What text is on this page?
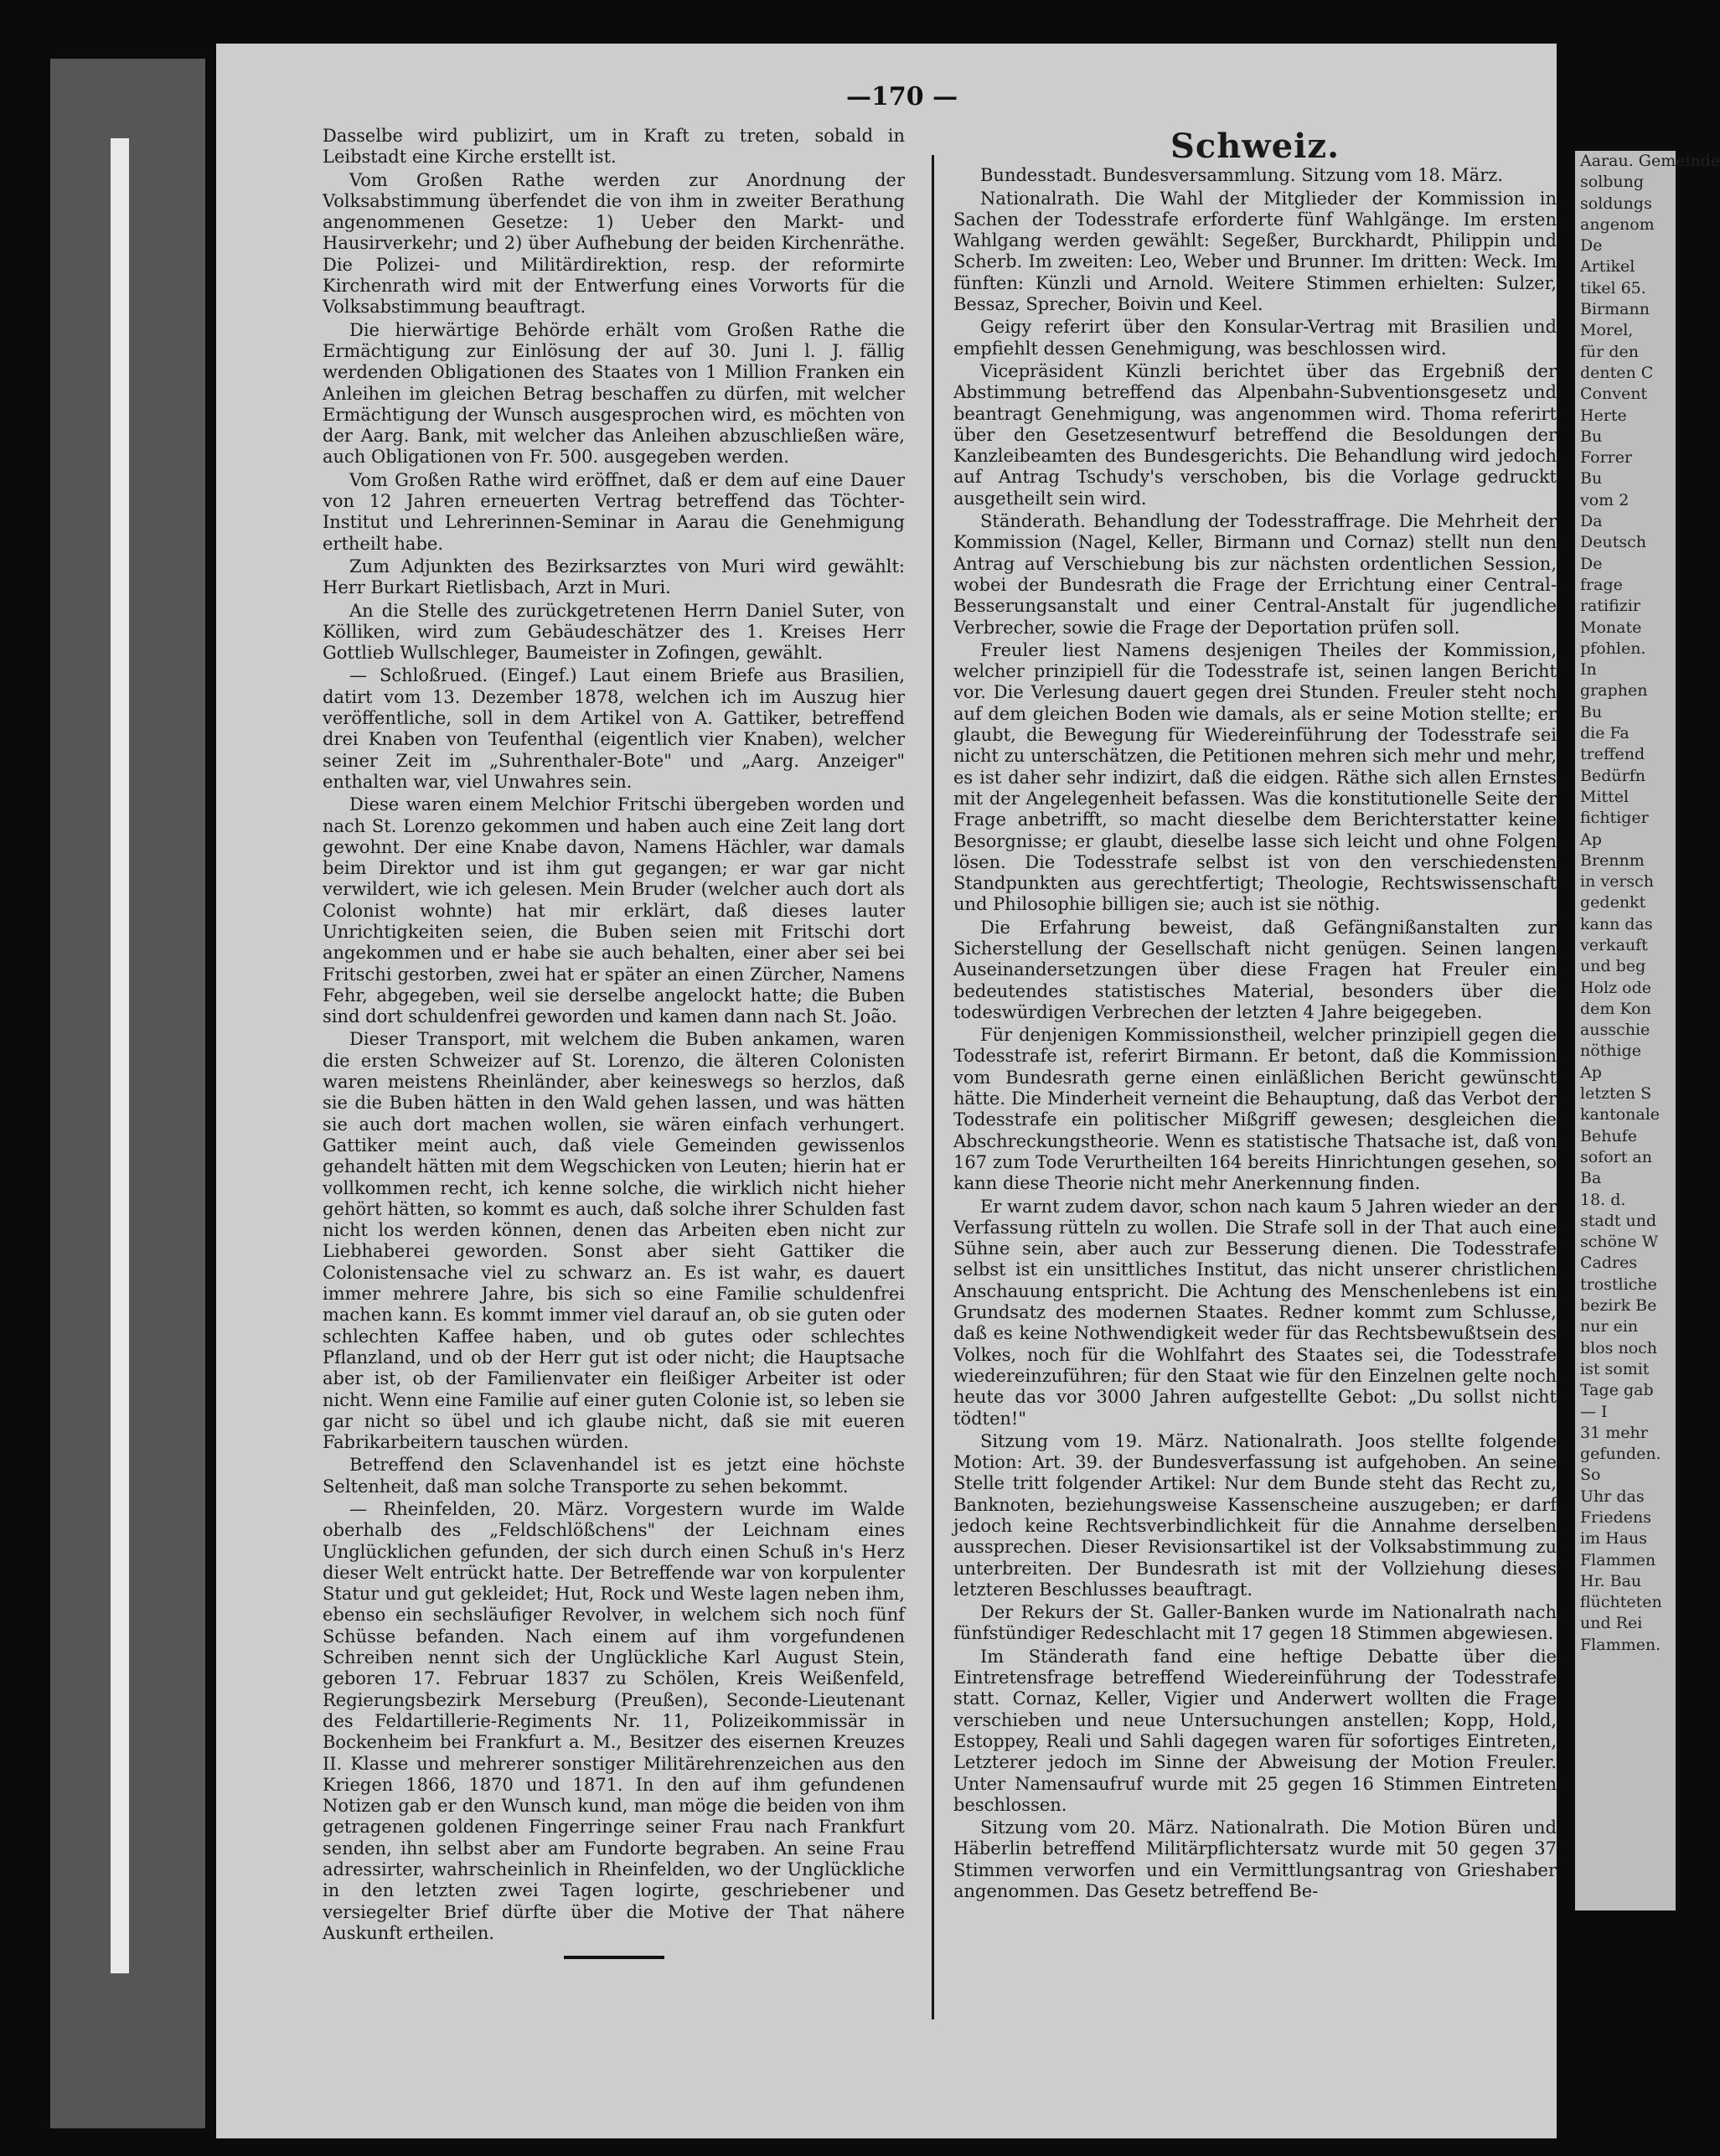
—170 —

Dasselbe wird publizirt, um in Kraft zu treten, sobald in Leibstadt eine Kirche erstellt ist.

Vom Großen Rathe werden zur Anordnung der Volksabstimmung überfendet die von ihm in zweiter Berathung angenommenen Gesetze: 1) Ueber den Markt- und Hausirverkehr; und 2) über Aufhebung der beiden Kirchenräthe. Die Polizei- und Militärdirektion, resp. der reformirte Kirchenrath wird mit der Entwerfung eines Vorworts für die Volksabstimmung beauftragt.

Die hierwärtige Behörde erhält vom Großen Rathe die Ermächtigung zur Einlösung der auf 30. Juni l. J. fällig werdenden Obligationen des Staates von 1 Million Franken ein Anleihen im gleichen Betrag beschaffen zu dürfen, mit welcher Ermächtigung der Wunsch ausgesprochen wird, es möchten von der Aarg. Bank, mit welcher das Anleihen abzuschließen wäre, auch Obligationen von Fr. 500. ausgegeben werden.

Vom Großen Rathe wird eröffnet, daß er dem auf eine Dauer von 12 Jahren erneuerten Vertrag betreffend das Töchter-Institut und Lehrerinnen-Seminar in Aarau die Genehmigung ertheilt habe.

Zum Adjunkten des Bezirksarztes von Muri wird gewählt: Herr Burkart Rietlisbach, Arzt in Muri.

An die Stelle des zurückgetretenen Herrn Daniel Suter, von Kölliken, wird zum Gebäudeschätzer des 1. Kreises Herr Gottlieb Wullschleger, Baumeister in Zofingen, gewählt.

— Schloßrued. (Eingef.) Laut einem Briefe aus Brasilien, datirt vom 13. Dezember 1878, welchen ich im Auszug hier veröffentliche, soll in dem Artikel von A. Gattiker, betreffend drei Knaben von Teufenthal (eigentlich vier Knaben), welcher seiner Zeit im „Suhrenthaler-Bote" und „Aarg. Anzeiger" enthalten war, viel Unwahres sein.

Diese waren einem Melchior Fritschi übergeben worden und nach St. Lorenzo gekommen und haben auch eine Zeit lang dort gewohnt. Der eine Knabe davon, Namens Hächler, war damals beim Direktor und ist ihm gut gegangen; er war gar nicht verwildert, wie ich gelesen. Mein Bruder (welcher auch dort als Colonist wohnte) hat mir erklärt, daß dieses lauter Unrichtigkeiten seien, die Buben seien mit Fritschi dort angekommen und er habe sie auch behalten, einer aber sei bei Fritschi gestorben, zwei hat er später an einen Zürcher, Namens Fehr, abgegeben, weil sie derselbe angelockt hatte; die Buben sind dort schuldenfrei geworden und kamen dann nach St. João.

Dieser Transport, mit welchem die Buben ankamen, waren die ersten Schweizer auf St. Lorenzo, die älteren Colonisten waren meistens Rheinländer, aber keineswegs so herzlos, daß sie die Buben hätten in den Wald gehen lassen, und was hätten sie auch dort machen wollen, sie wären einfach verhungert. Gattiker meint auch, daß viele Gemeinden gewissenlos gehandelt hätten mit dem Wegschicken von Leuten; hierin hat er vollkommen recht, ich kenne solche, die wirklich nicht hieher gehört hätten, so kommt es auch, daß solche ihrer Schulden fast nicht los werden können, denen das Arbeiten eben nicht zur Liebhaberei geworden. Sonst aber sieht Gattiker die Colonistensache viel zu schwarz an. Es ist wahr, es dauert immer mehrere Jahre, bis sich so eine Familie schuldenfrei machen kann. Es kommt immer viel darauf an, ob sie guten oder schlechten Kaffee haben, und ob gutes oder schlechtes Pflanzland, und ob der Herr gut ist oder nicht; die Hauptsache aber ist, ob der Familienvater ein fleißiger Arbeiter ist oder nicht. Wenn eine Familie auf einer guten Colonie ist, so leben sie gar nicht so übel und ich glaube nicht, daß sie mit eueren Fabrikarbeitern tauschen würden.

Betreffend den Sclavenhandel ist es jetzt eine höchste Seltenheit, daß man solche Transporte zu sehen bekommt.

— Rheinfelden, 20. März. Vorgestern wurde im Walde oberhalb des „Feldschlößchens" der Leichnam eines Unglücklichen gefunden, der sich durch einen Schuß in's Herz dieser Welt entrückt hatte. Der Betreffende war von korpulenter Statur und gut gekleidet; Hut, Rock und Weste lagen neben ihm, ebenso ein sechsläufiger Revolver, in welchem sich noch fünf Schüsse befanden. Nach einem auf ihm vorgefundenen Schreiben nennt sich der Unglückliche Karl August Stein, geboren 17. Februar 1837 zu Schölen, Kreis Weißenfeld, Regierungsbezirk Merseburg (Preußen), Seconde-Lieutenant des Feldartillerie-Regiments Nr. 11, Polizeikommissär in Bockenheim bei Frankfurt a. M., Besitzer des eisernen Kreuzes II. Klasse und mehrerer sonstiger Militärehrenzeichen aus den Kriegen 1866, 1870 und 1871. In den auf ihm gefundenen Notizen gab er den Wunsch kund, man möge die beiden von ihm getragenen goldenen Fingerringe seiner Frau nach Frankfurt senden, ihn selbst aber am Fundorte begraben. An seine Frau adressirter, wahrscheinlich in Rheinfelden, wo der Unglückliche in den letzten zwei Tagen logirte, geschriebener und versiegelter Brief dürfte über die Motive der That nähere Auskunft ertheilen.

Schweiz.

Bundesstadt. Bundesversammlung. Sitzung vom 18. März.

Nationalrath. Die Wahl der Mitglieder der Kommission in Sachen der Todesstrafe erforderte fünf Wahlgänge. Im ersten Wahlgang werden gewählt: Segeßer, Burckhardt, Philippin und Scherb. Im zweiten: Leo, Weber und Brunner. Im dritten: Weck. Im fünften: Künzli und Arnold. Weitere Stimmen erhielten: Sulzer, Bessaz, Sprecher, Boivin und Keel.

Geigy referirt über den Konsular-Vertrag mit Brasilien und empfiehlt dessen Genehmigung, was beschlossen wird.

Vicepräsident Künzli berichtet über das Ergebniß der Abstimmung betreffend das Alpenbahn-Subventionsgesetz und beantragt Genehmigung, was angenommen wird. Thoma referirt über den Gesetzesentwurf betreffend die Besoldungen der Kanzleibeamten des Bundesgerichts. Die Behandlung wird jedoch auf Antrag Tschudy's verschoben, bis die Vorlage gedruckt ausgetheilt sein wird.

Ständerath. Behandlung der Todesstraffrage. Die Mehrheit der Kommission (Nagel, Keller, Birmann und Cornaz) stellt nun den Antrag auf Verschiebung bis zur nächsten ordentlichen Session, wobei der Bundesrath die Frage der Errichtung einer Central-Besserungsanstalt und einer Central-Anstalt für jugendliche Verbrecher, sowie die Frage der Deportation prüfen soll.

Freuler liest Namens desjenigen Theiles der Kommission, welcher prinzipiell für die Todesstrafe ist, seinen langen Bericht vor. Die Verlesung dauert gegen drei Stunden. Freuler steht noch auf dem gleichen Boden wie damals, als er seine Motion stellte; er glaubt, die Bewegung für Wiedereinführung der Todesstrafe sei nicht zu unterschätzen, die Petitionen mehren sich mehr und mehr, es ist daher sehr indizirt, daß die eidgen. Räthe sich allen Ernstes mit der Angelegenheit befassen. Was die konstitutionelle Seite der Frage anbetrifft, so macht dieselbe dem Berichterstatter keine Besorgnisse; er glaubt, dieselbe lasse sich leicht und ohne Folgen lösen. Die Todesstrafe selbst ist von den verschiedensten Standpunkten aus gerechtfertigt; Theologie, Rechtswissenschaft und Philosophie billigen sie; auch ist sie nöthig.

Die Erfahrung beweist, daß Gefängnißanstalten zur Sicherstellung der Gesellschaft nicht genügen. Seinen langen Auseinandersetzungen über diese Fragen hat Freuler ein bedeutendes statistisches Material, besonders über die todeswürdigen Verbrechen der letzten 4 Jahre beigegeben.

Für denjenigen Kommissionstheil, welcher prinzipiell gegen die Todesstrafe ist, referirt Birmann. Er betont, daß die Kommission vom Bundesrath gerne einen einläßlichen Bericht gewünscht hätte. Die Minderheit verneint die Behauptung, daß das Verbot der Todesstrafe ein politischer Mißgriff gewesen; desgleichen die Abschreckungstheorie. Wenn es statistische Thatsache ist, daß von 167 zum Tode Verurtheilten 164 bereits Hinrichtungen gesehen, so kann diese Theorie nicht mehr Anerkennung finden.

Er warnt zudem davor, schon nach kaum 5 Jahren wieder an der Verfassung rütteln zu wollen. Die Strafe soll in der That auch eine Sühne sein, aber auch zur Besserung dienen. Die Todesstrafe selbst ist ein unsittliches Institut, das nicht unserer christlichen Anschauung entspricht. Die Achtung des Menschenlebens ist ein Grundsatz des modernen Staates. Redner kommt zum Schlusse, daß es keine Nothwendigkeit weder für das Rechtsbewußtsein des Volkes, noch für die Wohlfahrt des Staates sei, die Todesstrafe wiedereinzuführen; für den Staat wie für den Einzelnen gelte noch heute das vor 3000 Jahren aufgestellte Gebot: „Du sollst nicht tödten!"

Sitzung vom 19. März. Nationalrath. Joos stellte folgende Motion: Art. 39. der Bundesverfassung ist aufgehoben. An seine Stelle tritt folgender Artikel: Nur dem Bunde steht das Recht zu, Banknoten, beziehungsweise Kassenscheine auszugeben; er darf jedoch keine Rechtsverbindlichkeit für die Annahme derselben aussprechen. Dieser Revisionsartikel ist der Volksabstimmung zu unterbreiten. Der Bundesrath ist mit der Vollziehung dieses letzteren Beschlusses beauftragt.

Der Rekurs der St. Galler-Banken wurde im Nationalrath nach fünfstündiger Redeschlacht mit 17 gegen 18 Stimmen abgewiesen.

Im Ständerath fand eine heftige Debatte über die Eintretensfrage betreffend Wiedereinführung der Todesstrafe statt. Cornaz, Keller, Vigier und Anderwert wollten die Frage verschieben und neue Untersuchungen anstellen; Kopp, Hold, Estoppey, Reali und Sahli dagegen waren für sofortiges Eintreten, Letzterer jedoch im Sinne der Abweisung der Motion Freuler. Unter Namensaufruf wurde mit 25 gegen 16 Stimmen Eintreten beschlossen.

Sitzung vom 20. März. Nationalrath. Die Motion Büren und Häberlin betreffend Militärpflichtersatz wurde mit 50 gegen 37 Stimmen verworfen und ein Vermittlungsantrag von Grieshaber angenommen. Das Gesetz betreffend Be-

Aarau. Gemeinde
solbung
soldungs
angenom
De
Artikel
tikel 65.
Birmann
Morel,
für den
denten C
Convent
Herte
Bu
Forrer
Bu
vom 2
Da
Deutsch
De
frage
ratifizir
Monate
pfohlen.
In
graphen
Bu
die Fa
treffend
Bedürfn
Mittel
fichtiger
Ap
Brennm
in versch
gedenkt
kann das
verkauft
und beg
Holz ode
dem Kon
ausschie
nöthige
Ap
letzten S
kantonale
Behufe
sofort an
Ba
18. d.
stadt und
schöne W
Cadres
trostliche
bezirk Be
nur ein
blos noch
ist somit
Tage gab
— I
31 mehr
gefunden.
So
Uhr das
Friedens
im Haus
Flammen
Hr. Bau
flüchteten
und Rei
Flammen.
